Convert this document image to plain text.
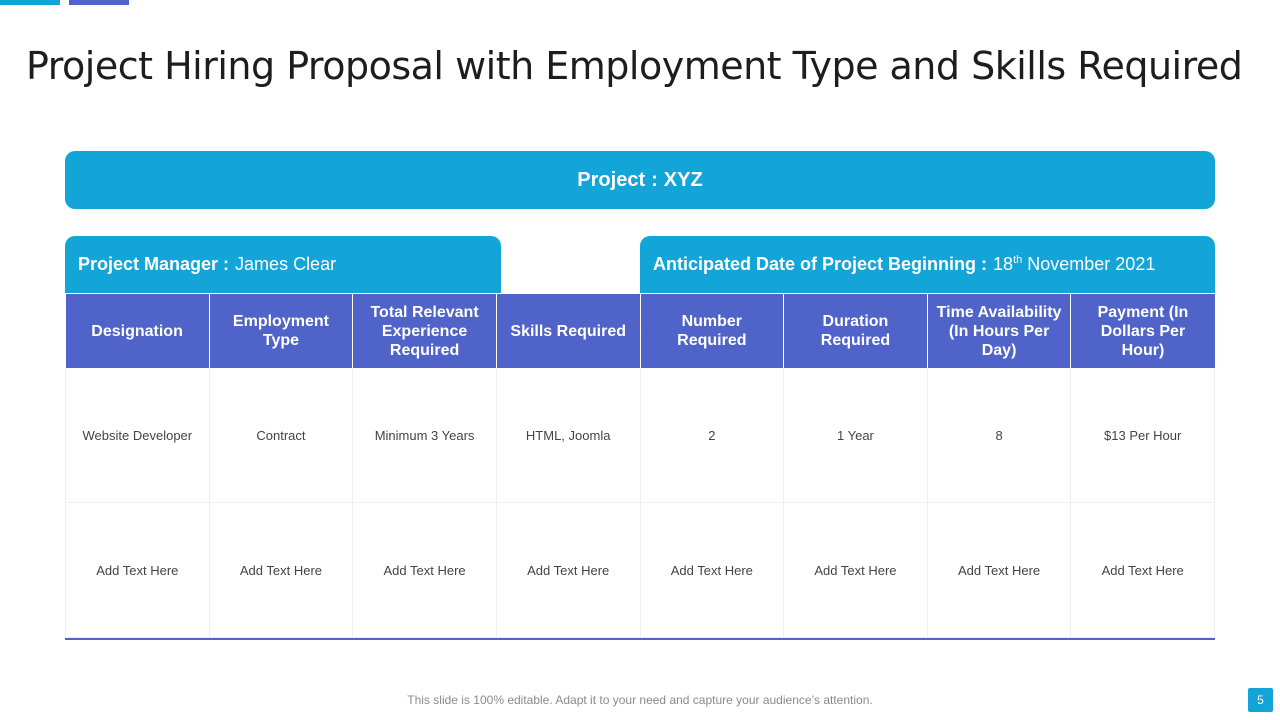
Project Hiring Proposal with Employment Type and Skills Required
Project : XYZ
Project Manager : James Clear	Anticipated Date of Project Beginning : 18th November 2021
Designation	Employment Type	Total Relevant Experience Required	Skills Required	Number Required	Duration Required	Time Availability (In Hours Per Day)	Payment (In Dollars Per Hour)
Website Developer	Contract	Minimum 3 Years	HTML, Joomla	2	1 Year	8	$13 Per Hour
Add Text Here	Add Text Here	Add Text Here	Add Text Here	Add Text Here	Add Text Here	Add Text Here	Add Text Here
This slide is 100% editable. Adapt it to your need and capture your audience’s attention.	5
